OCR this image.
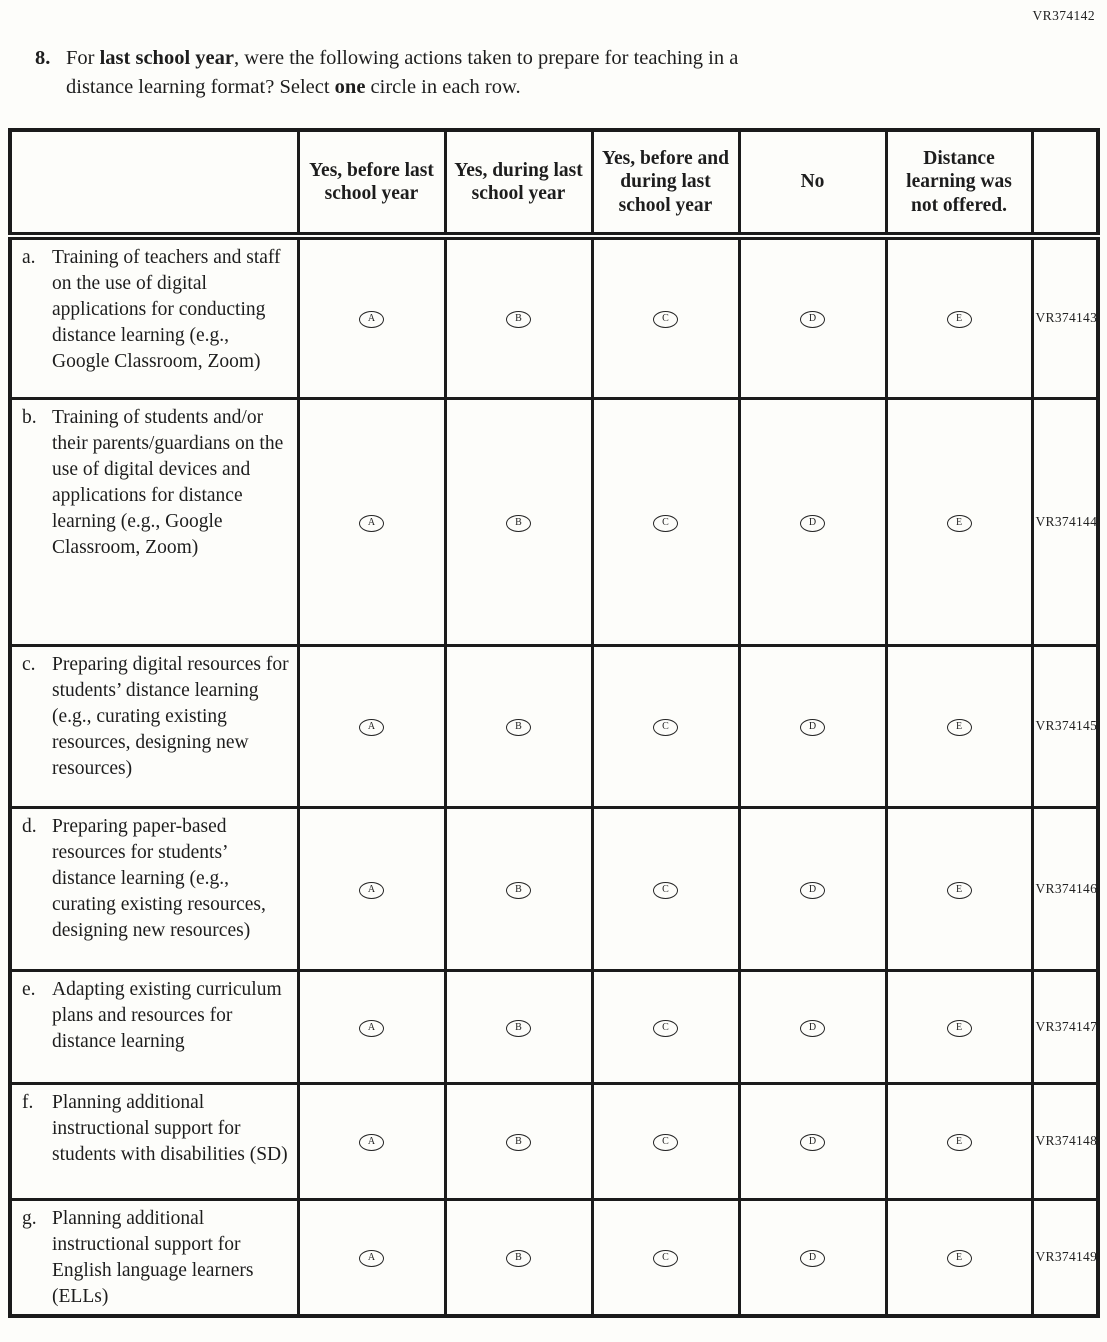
VR374142
8. For last school year, were the following actions taken to prepare for teaching in a
distance learning format? Select one circle in each row.
	Yes, before last school year	Yes, during last school year	Yes, before and during last school year	No	Distance learning was not offered.	

a. Training of teachers and staff on the use of digital applications for conducting distance learning (e.g., Google Classroom, Zoom)	A	B	C	D	E	VR374143

b. Training of students and/or their parents/guardians on the use of digital devices and applications for distance learning (e.g., Google Classroom, Zoom)	A	B	C	D	E	VR374144

c. Preparing digital resources for students’ distance learning (e.g., curating existing resources, designing new resources)	A	B	C	D	E	VR374145

d. Preparing paper-based resources for students’ distance learning (e.g., curating existing resources, designing new resources)	A	B	C	D	E	VR374146

e. Adapting existing curriculum plans and resources for distance learning	A	B	C	D	E	VR374147

f. Planning additional instructional support for students with disabilities (SD)	A	B	C	D	E	VR374148

g. Planning additional instructional support for English language learners (ELLs)	A	B	C	D	E	VR374149
